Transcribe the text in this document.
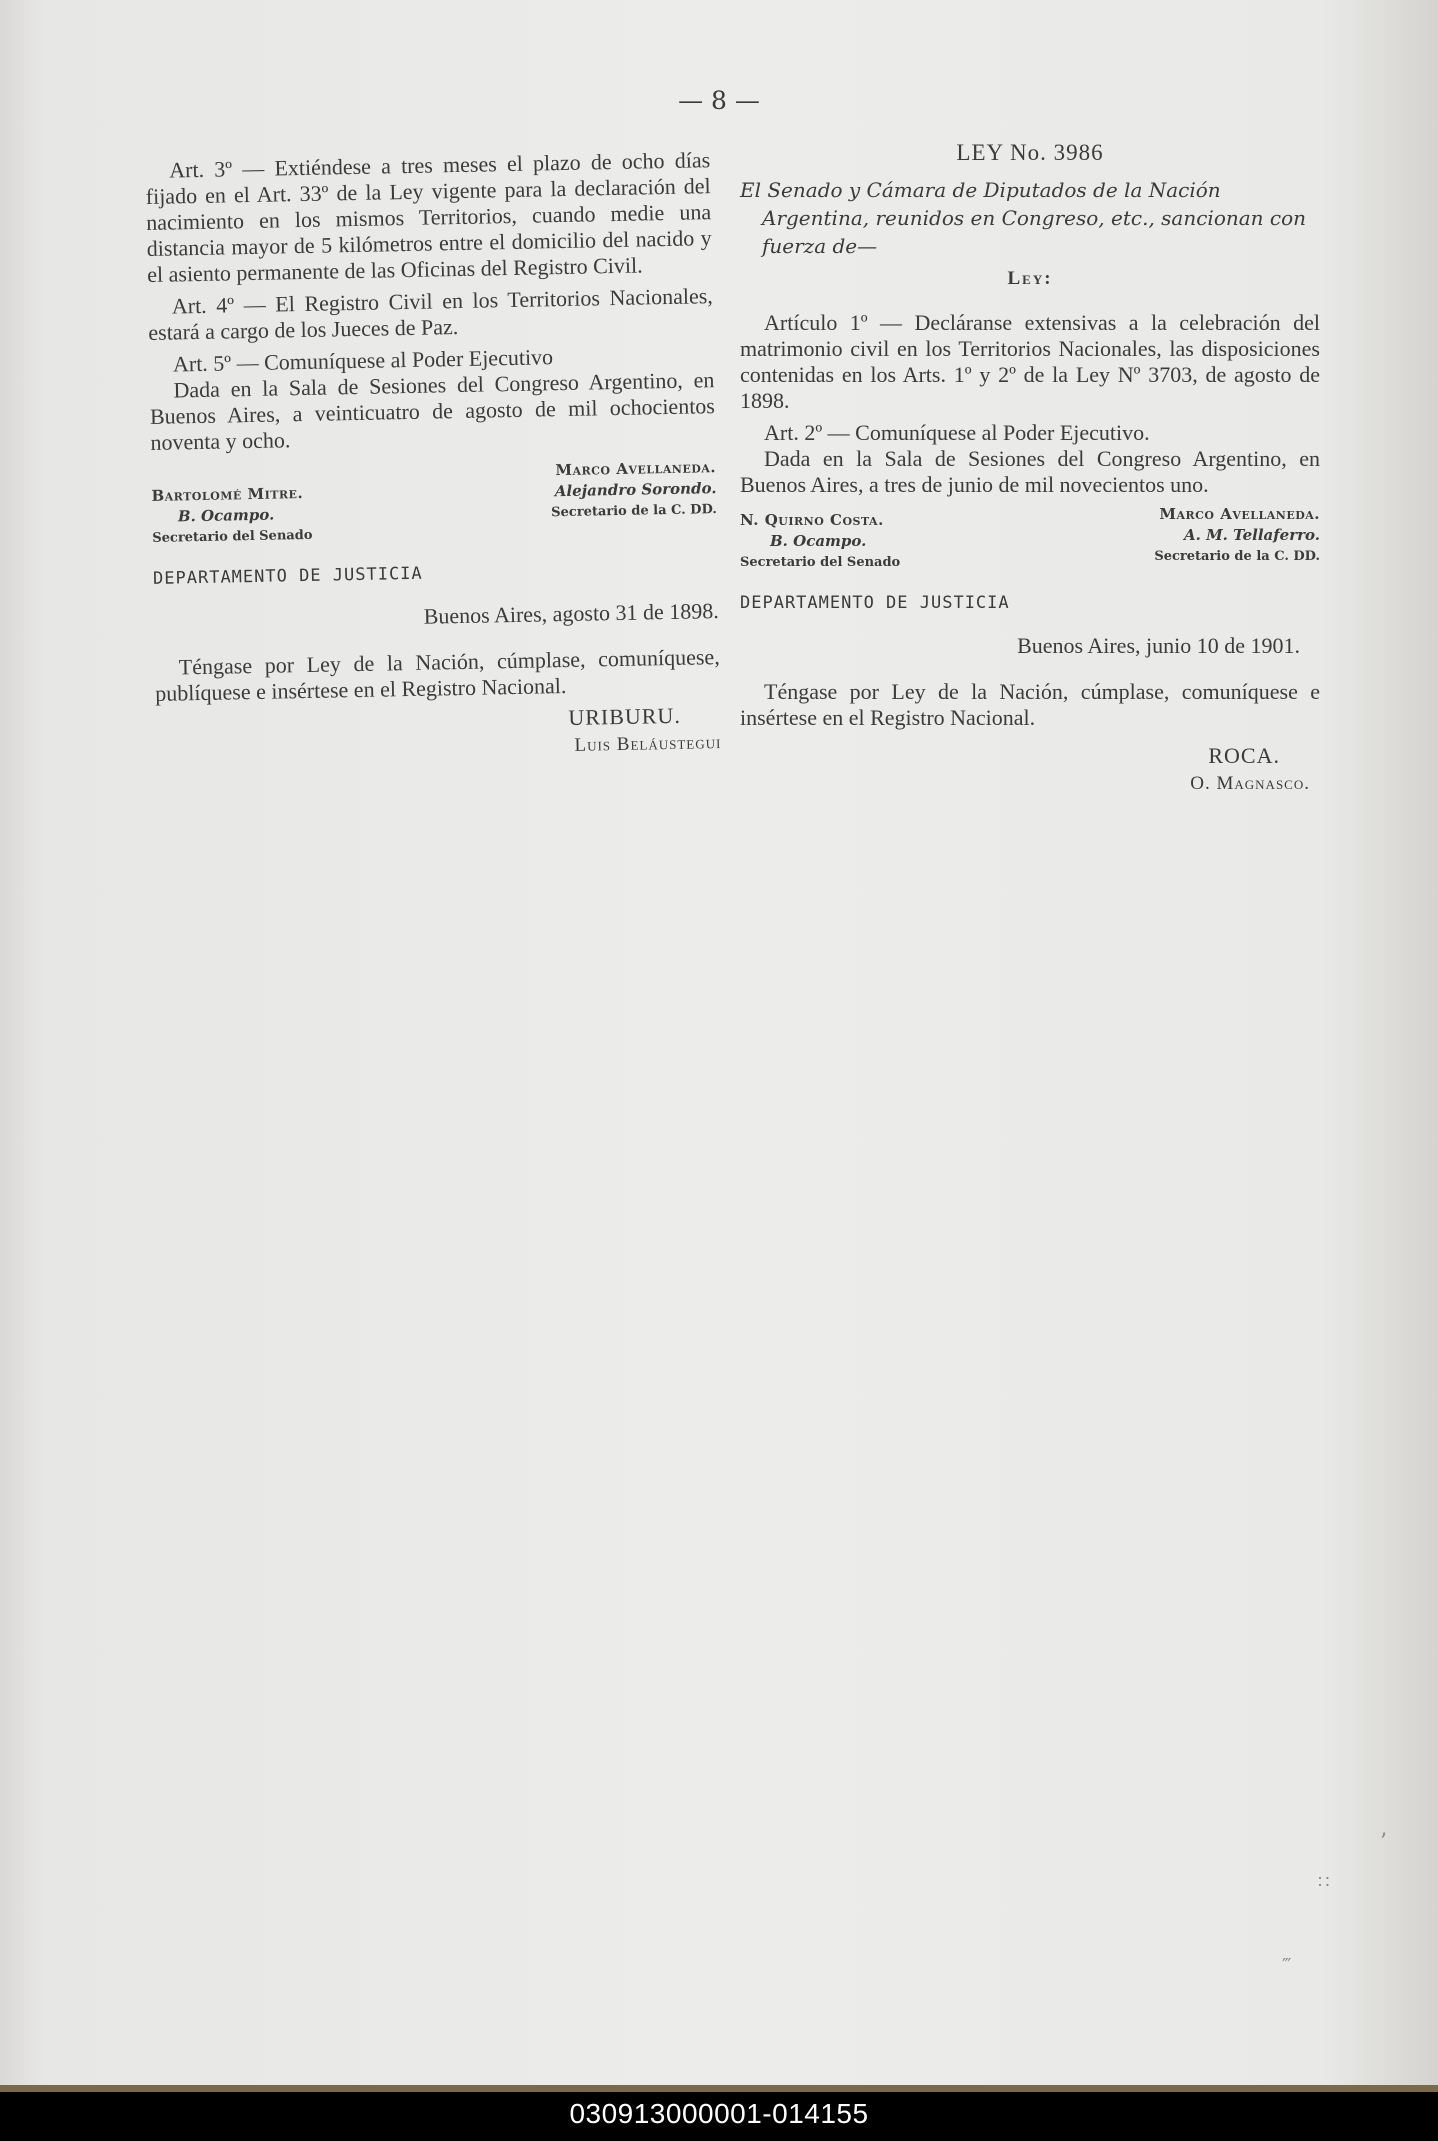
— 8 —

Art. 3º — Extiéndese a tres meses el plazo de ocho días fijado en el Art. 33º de la Ley vigente para la declaración del nacimiento en los mismos Territorios, cuando medie una distancia mayor de 5 kilómetros entre el domicilio del nacido y el asiento permanente de las Oficinas del Registro Civil.

Art. 4º — El Registro Civil en los Territorios Nacionales, estará a cargo de los Jueces de Paz.

Art. 5º — Comuníquese al Poder Ejecutivo

Dada en la Sala de Sesiones del Congreso Argentino, en Buenos Aires, a veinticuatro de agosto de mil ochocientos noventa y ocho.

Bartolomé Mitre.
B. Ocampo.
Secretario del Senado
Marco Avellaneda.
Alejandro Sorondo.
Secretario de la C. DD.
DEPARTAMENTO DE JUSTICIA
Buenos Aires, agosto 31 de 1898.

Téngase por Ley de la Nación, cúmplase, comuníquese, publíquese e insértese en el Registro Nacional.

URIBURU.
Luis Beláustegui
LEY No. 3986

El Senado y Cámara de Diputados de la Nación Argentina, reunidos en Congreso, etc., sancionan con fuerza de—

Ley:

Artículo 1º — Decláranse extensivas a la celebración del matrimonio civil en los Territorios Nacionales, las disposiciones contenidas en los Arts. 1º y 2º de la Ley Nº 3703, de agosto de 1898.

Art. 2º — Comuníquese al Poder Ejecutivo.

Dada en la Sala de Sesiones del Congreso Argentino, en Buenos Aires, a tres de junio de mil novecientos uno.

N. Quirno Costa.
B. Ocampo.
Secretario del Senado
Marco Avellaneda.
A. M. Tellaferro.
Secretario de la C. DD.
DEPARTAMENTO DE JUSTICIA
Buenos Aires, junio 10 de 1901.

Téngase por Ley de la Nación, cúmplase, comuníquese e insértese en el Registro Nacional.

ROCA.
O. Magnasco.
’
∷
‴
030913000001-014155
